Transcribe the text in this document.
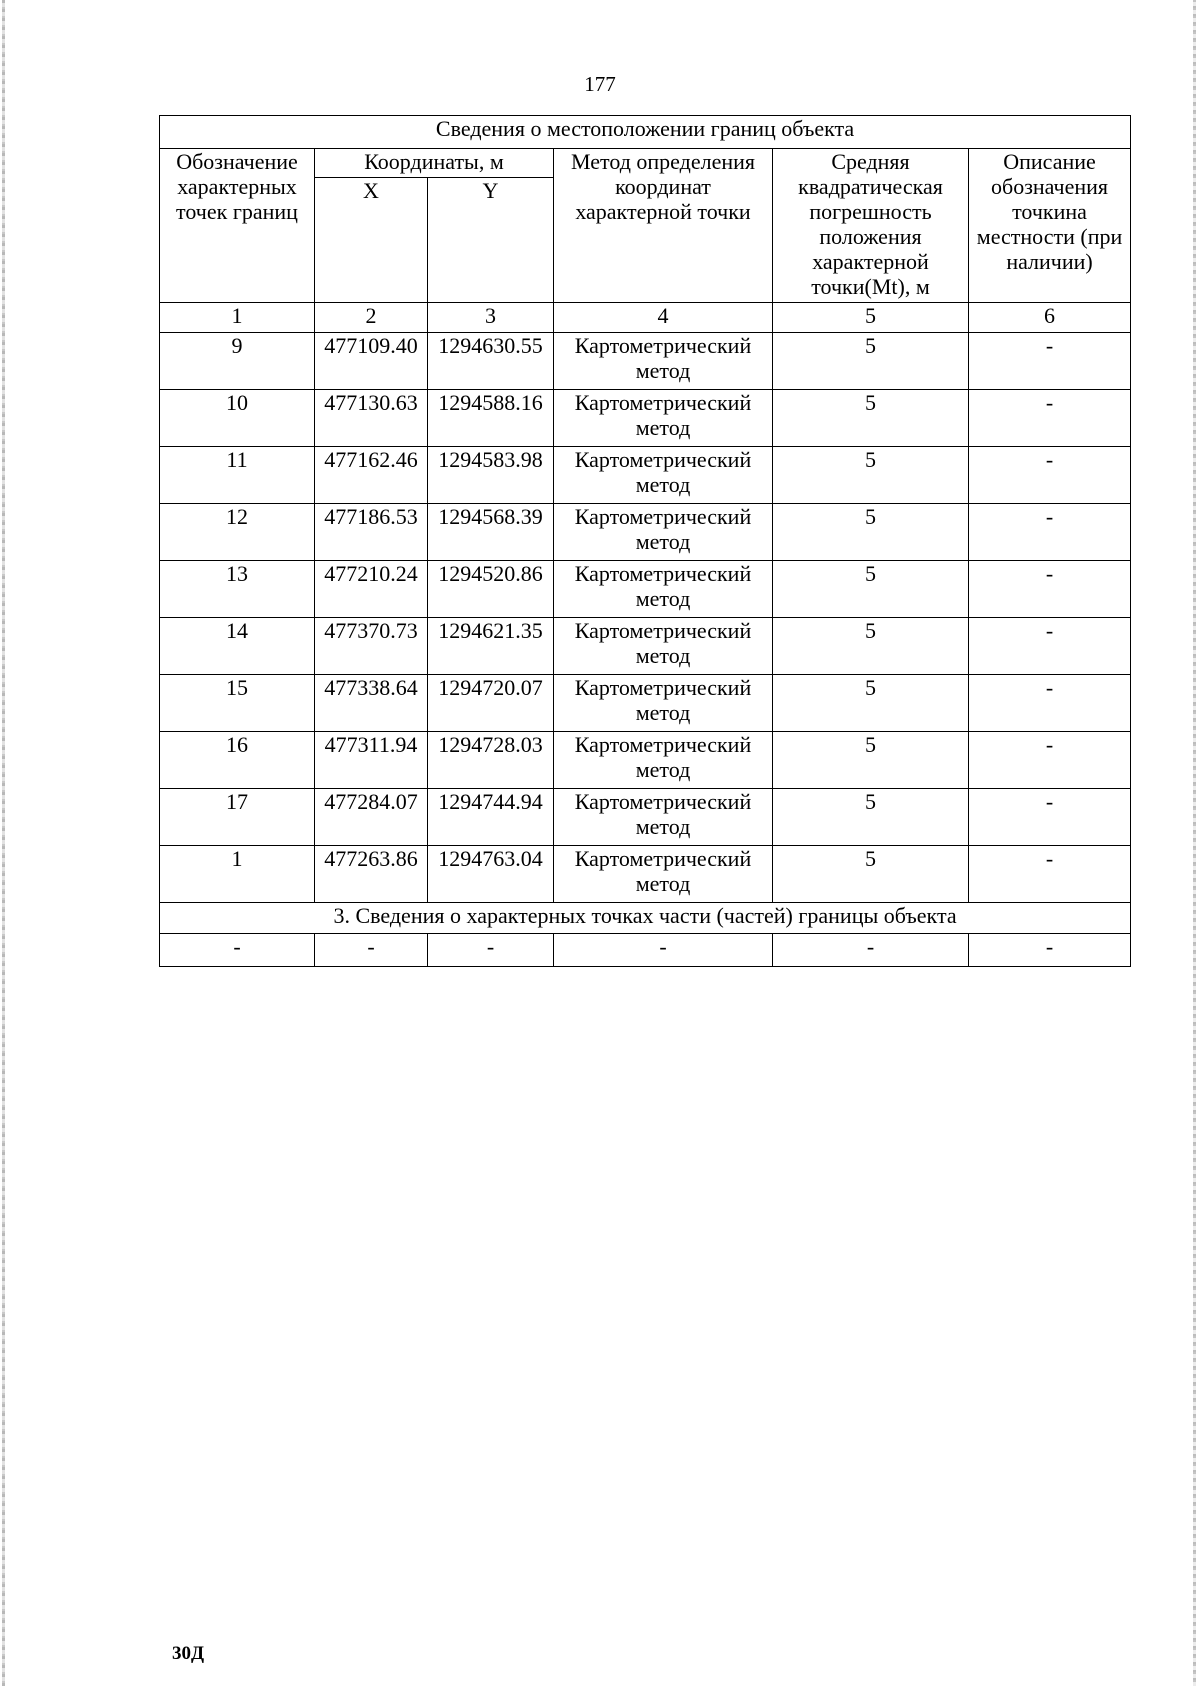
177
Сведения о местоположении границ объекта					
Обозначение характерных точек границ	Координаты, м		Метод определения координат характерной точки	Средняя квадратическая погрешность положения характерной точки(Mt), м	Описание обозначения точкина местности (при наличии)
	X	Y			
1	2	3	4	5	6
9	477109.40	1294630.55	Картометрический метод	5	-
10	477130.63	1294588.16	Картометрический метод	5	-
11	477162.46	1294583.98	Картометрический метод	5	-
12	477186.53	1294568.39	Картометрический метод	5	-
13	477210.24	1294520.86	Картометрический метод	5	-
14	477370.73	1294621.35	Картометрический метод	5	-
15	477338.64	1294720.07	Картометрический метод	5	-
16	477311.94	1294728.03	Картометрический метод	5	-
17	477284.07	1294744.94	Картометрический метод	5	-
1	477263.86	1294763.04	Картометрический метод	5	-
3. Сведения о характерных точках части (частей) границы объекта					
-	-	-	-	-	-
30Д
